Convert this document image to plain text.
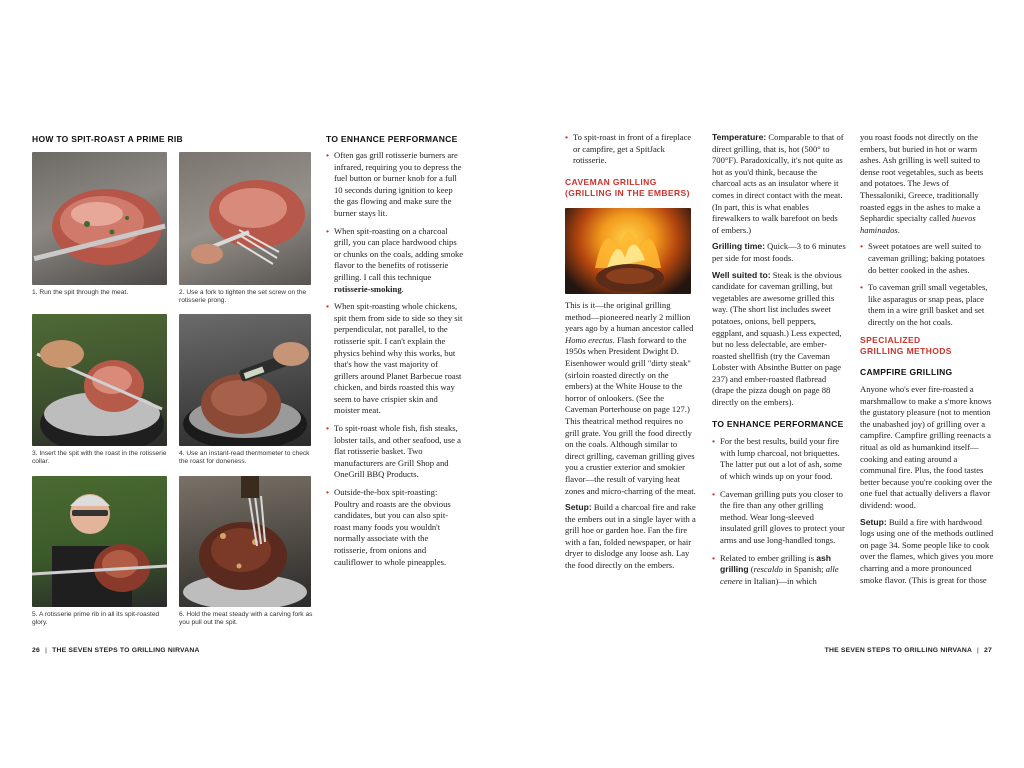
HOW TO SPIT-ROAST A PRIME RIB
1. Run the spit through the meat.	2. Use a fork to tighten the set screw on the rotisserie prong.
3. Insert the spit with the roast in the rotisserie collar.
4. Use an instant-read thermometer to check the roast for doneness.
5. A rotisserie prime rib in all its spit-roasted glory.
6. Hold the meat steady with a carving fork as you pull out the spit.
TO ENHANCE PERFORMANCE
• Often gas grill rotisserie burners are infrared, requiring you to depress the fuel button or burner knob for a full 10 seconds during ignition to keep the gas flowing and make sure the burner stays lit.
• When spit-roasting on a charcoal grill, you can place hardwood chips or chunks on the coals, adding smoke flavor to the benefits of rotisserie grilling. I call this technique rotisserie-smoking.
• When spit-roasting whole chickens, spit them from side to side so they sit perpendicular, not parallel, to the rotisserie spit. I can't explain the physics behind why this works, but that's how the vast majority of grillers around Planet Barbecue roast chicken, and birds roasted this way seem to have crispier skin and moister meat.
• To spit-roast whole fish, fish steaks, lobster tails, and other seafood, use a flat rotisserie basket. Two manufacturers are Grill Shop and OneGrill BBQ Products.
• Outside-the-box spit-roasting: Poultry and roasts are the obvious candidates, but you can also spit-roast many foods you wouldn't normally associate with the rotisserie, from onions and cauliflower to whole pineapples.
26 | THE SEVEN STEPS TO GRILLING NIRVANA
• To spit-roast in front of a fireplace or campfire, get a SpitJack rotisserie.
CAVEMAN GRILLING
(GRILLING IN THE EMBERS)

This is it—the original grilling method—pioneered nearly 2 million years ago by a human ancestor called Homo erectus. Flash forward to the 1950s when President Dwight D. Eisenhower would grill "dirty steak" (sirloin roasted directly on the embers) at the White House to the horror of onlookers. (See the Caveman Porterhouse on page 127.) This theatrical method requires no grill grate. You grill the food directly on the coals. Although similar to direct grilling, caveman grilling gives you a crustier exterior and smokier flavor—the result of varying heat zones and micro-charring of the meat.

Setup: Build a charcoal fire and rake the embers out in a single layer with a grill hoe or garden hoe. Fan the fire with a fan, folded newspaper, or hair dryer to dislodge any loose ash. Lay the food directly on the embers.

Temperature: Comparable to that of direct grilling, that is, hot (500° to 700°F). Paradoxically, it's not quite as hot as you'd think, because the charcoal acts as an insulator where it comes in direct contact with the meat. (In part, this is what enables firewalkers to walk barefoot on beds of embers.)

Grilling time: Quick—3 to 6 minutes per side for most foods.

Well suited to: Steak is the obvious candidate for caveman grilling, but vegetables are awesome grilled this way. (The short list includes sweet potatoes, onions, bell peppers, eggplant, and squash.) Less expected, but no less delectable, are ember-roasted shellfish (try the Caveman Lobster with Absinthe Butter on page 237) and ember-roasted flatbread (drape the pizza dough on page 88 directly on the embers).

TO ENHANCE PERFORMANCE
• For the best results, build your fire with lump charcoal, not briquettes. The latter put out a lot of ash, some of which winds up on your food.
• Caveman grilling puts you closer to the fire than any other grilling method. Wear long-sleeved insulated grill gloves to protect your arms and use long-handled tongs.
• Related to ember grilling is ash grilling (rescaldo in Spanish; alle cenere in Italian)—in which

you roast foods not directly on the embers, but buried in hot or warm ashes. Ash grilling is well suited to dense root vegetables, such as beets and potatoes. The Jews of Thessaloniki, Greece, traditionally roasted eggs in the ashes to make a Sephardic specialty called huevos haminados.

• Sweet potatoes are well suited to caveman grilling; baking potatoes do better cooked in the ashes.
• To caveman grill small vegetables, like asparagus or snap peas, place them in a wire grill basket and set directly on the hot coals.
SPECIALIZED
GRILLING METHODS
CAMPFIRE GRILLING

Anyone who's ever fire-roasted a marshmallow to make a s'more knows the gustatory pleasure (not to mention the unabashed joy) of grilling over a campfire. Campfire grilling reenacts a ritual as old as humankind itself—cooking and eating around a communal fire. Plus, the food tastes better because you're cooking over the one fuel that actually delivers a flavor dividend: wood.

Setup: Build a fire with hardwood logs using one of the methods outlined on page 34. Some people like to cook over the flames, which gives you more charring and a more pronounced smoke flavor. (This is great for those

THE SEVEN STEPS TO GRILLING NIRVANA | 27
